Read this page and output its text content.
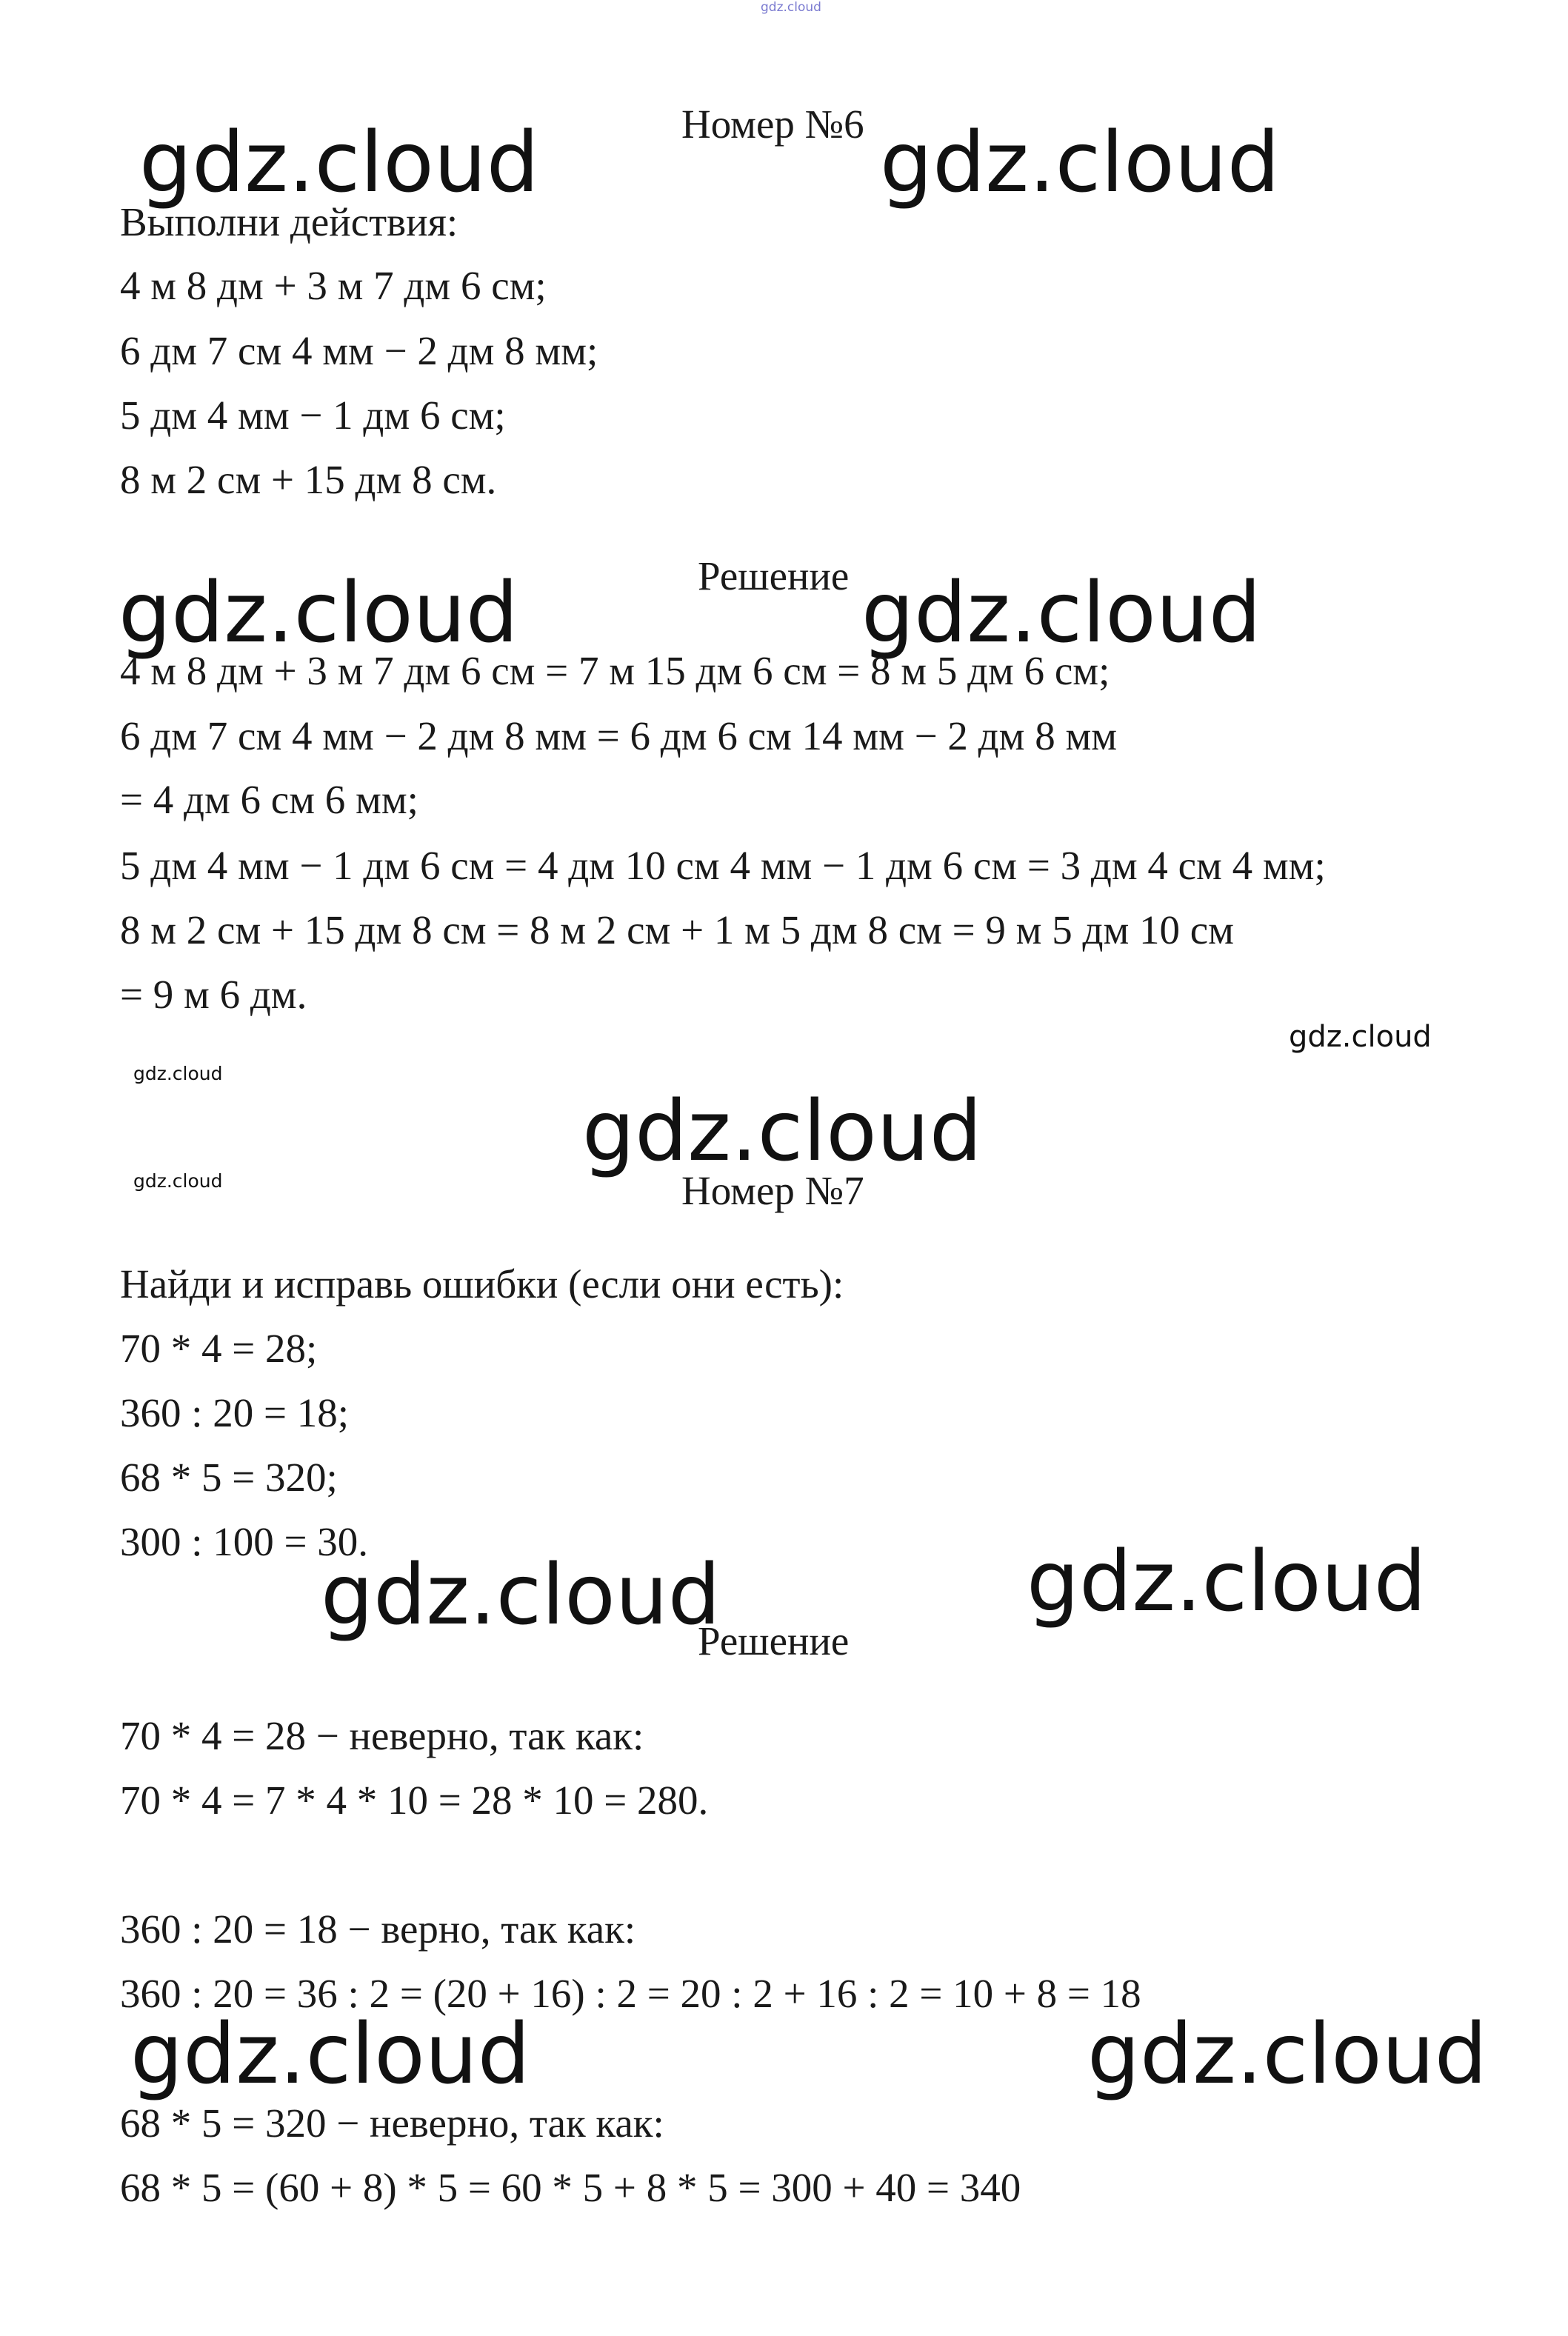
gdz.cloud
Номер №6
gdz.cloud	gdz.cloud
Выполни действия:
4 м 8 дм + 3 м 7 дм 6 см;
6 дм 7 см 4 мм − 2 дм 8 мм;
5 дм 4 мм − 1 дм 6 см;
8 м 2 см + 15 дм 8 см.
Решение
gdz.cloud	gdz.cloud
4 м 8 дм + 3 м 7 дм 6 см = 7 м 15 дм 6 см = 8 м 5 дм 6 см;
6 дм 7 см 4 мм − 2 дм 8 мм = 6 дм 6 см 14 мм − 2 дм 8 мм
= 4 дм 6 см 6 мм;
5 дм 4 мм − 1 дм 6 см = 4 дм 10 см 4 мм − 1 дм 6 см = 3 дм 4 см 4 мм;
8 м 2 см + 15 дм 8 см = 8 м 2 см + 1 м 5 дм 8 см = 9 м 5 дм 10 см
= 9 м 6 дм.
gdz.cloud
gdz.cloud
gdz.cloud
gdz.cloud	Номер №7
Найди и исправь ошибки (если они есть):
70 * 4 = 28;
360 : 20 = 18;
68 * 5 = 320;
300 : 100 = 30.
gdz.cloud	gdz.cloud
Решение
70 * 4 = 28 − неверно, так как:
70 * 4 = 7 * 4 * 10 = 28 * 10 = 280.
360 : 20 = 18 − верно, так как:
360 : 20 = 36 : 2 = (20 + 16) : 2 = 20 : 2 + 16 : 2 = 10 + 8 = 18
gdz.cloud	gdz.cloud
68 * 5 = 320 − неверно, так как:
68 * 5 = (60 + 8) * 5 = 60 * 5 + 8 * 5 = 300 + 40 = 340
